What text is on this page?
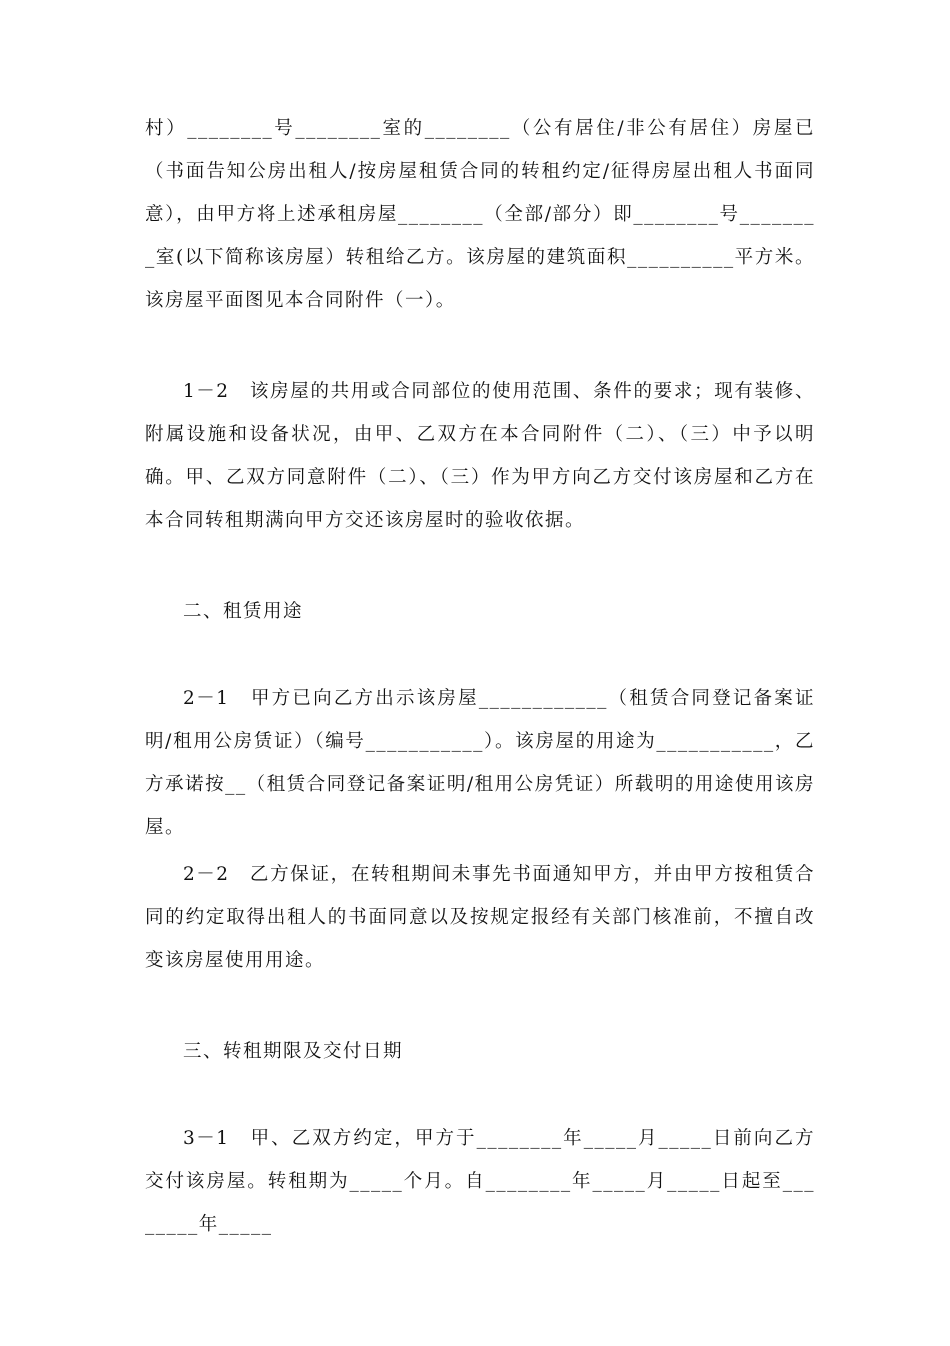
村）________号________室的________（公有居住/非公有居住）房屋已（书面告知公房出租人/按房屋租赁合同的转租约定/征得房屋出租人书面同意），由甲方将上述承租房屋________（全部/部分）即________号________室(以下简称该房屋）转租给乙方。该房屋的建筑面积__________平方米。该房屋平面图见本合同附件（一）。

1－2　该房屋的共用或合同部位的使用范围、条件的要求；现有装修、附属设施和设备状况，由甲、乙双方在本合同附件（二）、（三）中予以明确。甲、乙双方同意附件（二）、（三）作为甲方向乙方交付该房屋和乙方在本合同转租期满向甲方交还该房屋时的验收依据。

二、租赁用途

2－1　甲方已向乙方出示该房屋____________（租赁合同登记备案证明/租用公房赁证）（编号___________）。该房屋的用途为___________，乙方承诺按__（租赁合同登记备案证明/租用公房凭证）所载明的用途使用该房屋。

2－2　乙方保证，在转租期间未事先书面通知甲方，并由甲方按租赁合同的约定取得出租人的书面同意以及按规定报经有关部门核准前，不擅自改变该房屋使用用途。

三、转租期限及交付日期

3－1　甲、乙双方约定，甲方于________年_____月_____日前向乙方交付该房屋。转租期为_____个月。自________年_____月_____日起至________年_____
